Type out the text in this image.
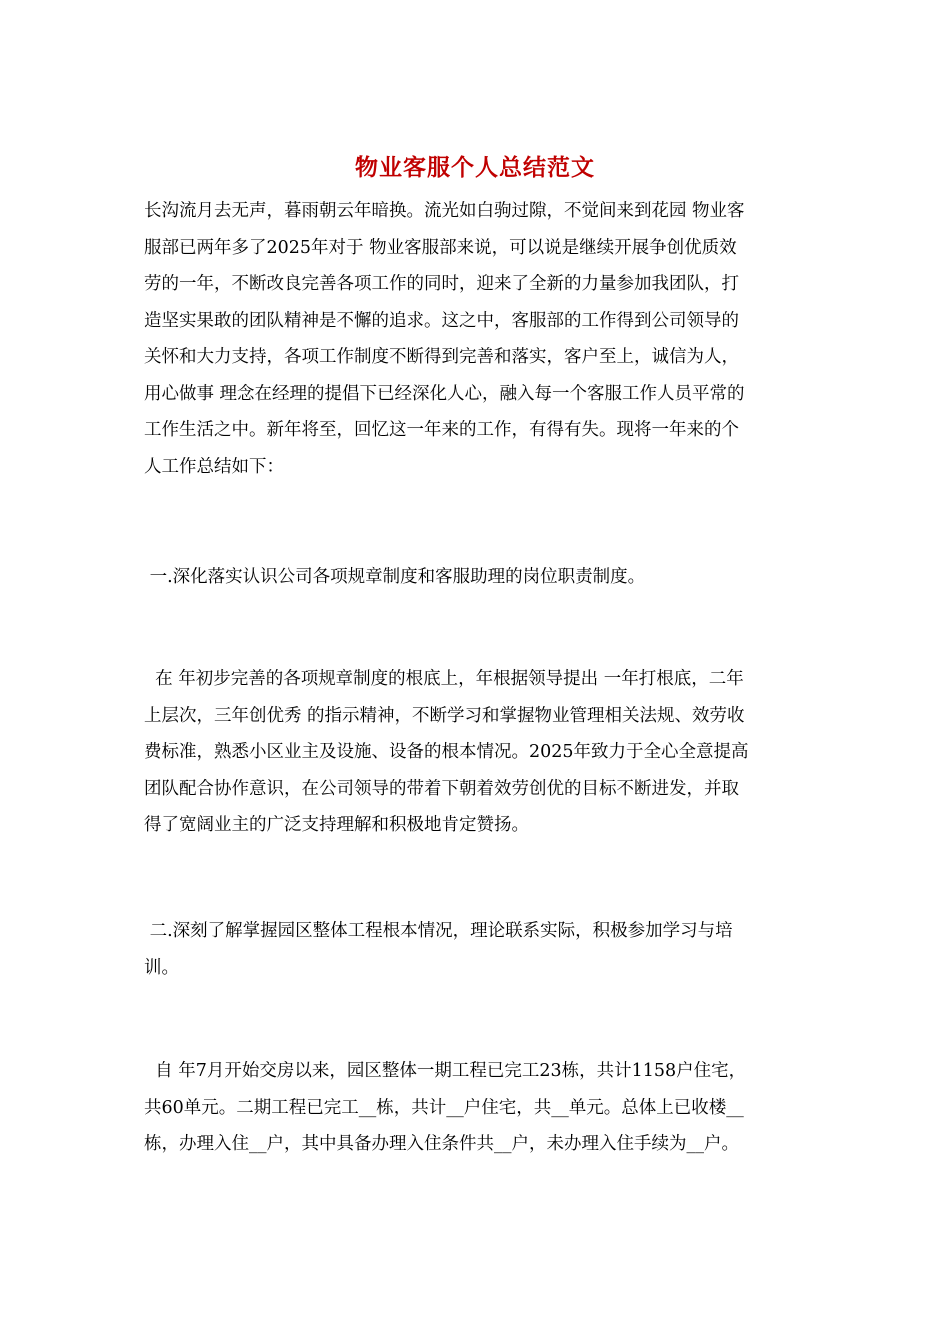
物业客服个人总结范文

长沟流月去无声，暮雨朝云年暗换。流光如白驹过隙，不觉间来到花园 物业客
服部已两年多了2025年对于 物业客服部来说，可以说是继续开展争创优质效
劳的一年，不断改良完善各项工作的同时，迎来了全新的力量参加我团队，打
造坚实果敢的团队精神是不懈的追求。这之中，客服部的工作得到公司领导的
关怀和大力支持，各项工作制度不断得到完善和落实，客户至上，诚信为人，
用心做事 理念在经理的提倡下已经深化人心，融入每一个客服工作人员平常的
工作生活之中。新年将至，回忆这一年来的工作，有得有失。现将一年来的个
人工作总结如下：

一.深化落实认识公司各项规章制度和客服助理的岗位职责制度。

在 年初步完善的各项规章制度的根底上，年根据领导提出 一年打根底，二年
上层次，三年创优秀 的指示精神，不断学习和掌握物业管理相关法规、效劳收
费标准，熟悉小区业主及设施、设备的根本情况。2025年致力于全心全意提高
团队配合协作意识，在公司领导的带着下朝着效劳创优的目标不断进发，并取
得了宽阔业主的广泛支持理解和积极地肯定赞扬。

二.深刻了解掌握园区整体工程根本情况，理论联系实际，积极参加学习与培
训。

自 年7月开始交房以来，园区整体一期工程已完工23栋，共计1158户住宅，
共60单元。二期工程已完工__栋，共计__户住宅，共__单元。总体上已收楼__
栋，办理入住__户，其中具备办理入住条件共__户，未办理入住手续为__户。
